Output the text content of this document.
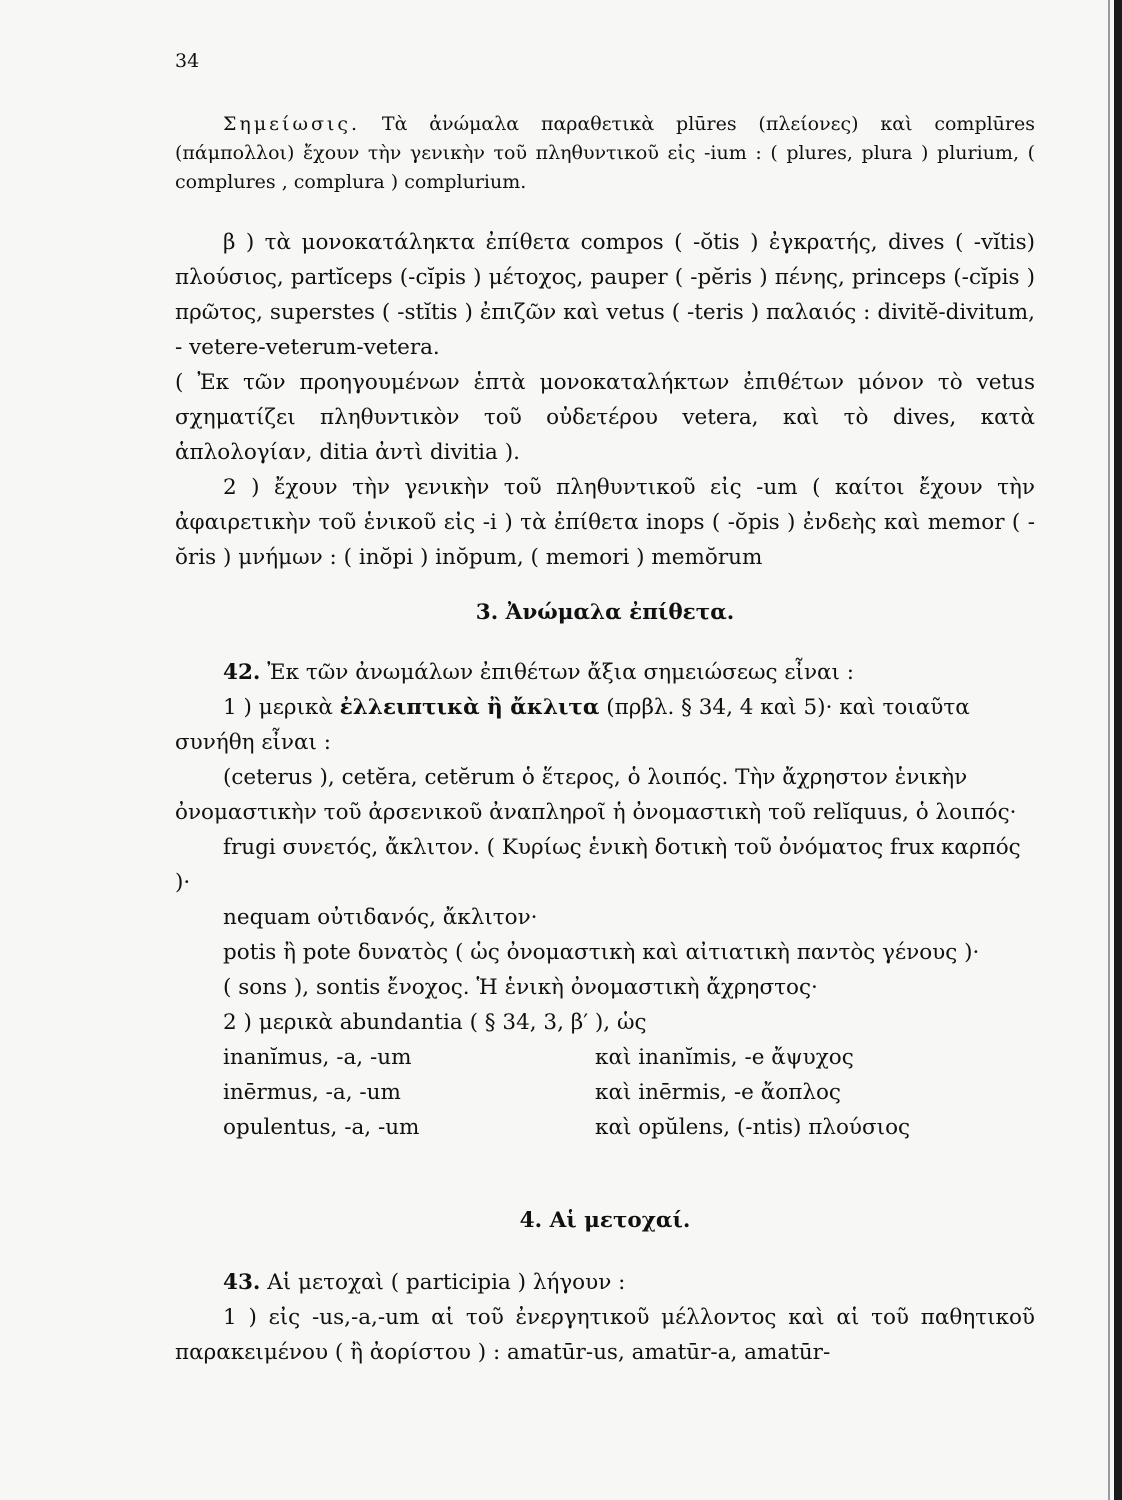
34

Σημείωσις. Τὰ ἀνώμαλα παραθετικὰ plūres (πλείονες) καὶ complūres (πάμπολλοι) ἔχουν τὴν γενικὴν τοῦ πληθυντικοῦ εἰς -ium : ( plures, plura ) plurium, ( complures , complura ) complurium.

β ) τὰ μονοκατάληκτα ἐπίθετα compos ( -ŏtis ) ἐγκρατής, dives ( -vĭtis) πλούσιος, partĭceps (-cĭpis ) μέτοχος, pauper ( -pĕris ) πένης, princeps (-cĭpis ) πρῶτος, superstes ( -stĭtis ) ἐπιζῶν καὶ vetus ( -teris ) παλαιός : divitĕ-divitum, - vetere-veterum-vetera.

( Ἐκ τῶν προηγουμένων ἑπτὰ μονοκαταλήκτων ἐπιθέτων μόνον τὸ vetus σχηματίζει πληθυντικὸν τοῦ οὐδετέρου vetera, καὶ τὸ dives, κατὰ ἁπλολογίαν, ditia ἀντὶ divitia ).

2 ) ἔχουν τὴν γενικὴν τοῦ πληθυντικοῦ εἰς -um ( καίτοι ἔχουν τὴν ἀφαιρετικὴν τοῦ ἑνικοῦ εἰς -i ) τὰ ἐπίθετα inops ( -ŏpis ) ἐνδεὴς καὶ memor ( -ŏris ) μνήμων : ( inŏpi ) inŏpum, ( memori ) memŏrum

3. Ἀνώμαλα ἐπίθετα.

42. Ἐκ τῶν ἀνωμάλων ἐπιθέτων ἄξια σημειώσεως εἶναι :

1 ) μερικὰ ἐλλειπτικὰ ἢ ἄκλιτα (πρβλ. § 34, 4 καὶ 5)· καὶ τοιαῦτα συνήθη εἶναι :

(ceterus ), cetĕra, cetĕrum ὁ ἕτερος, ὁ λοιπός. Τὴν ἄχρηστον ἑνικὴν ὀνομαστικὴν τοῦ ἀρσενικοῦ ἀναπληροῖ ἡ ὀνομαστικὴ τοῦ relĭquus, ὁ λοιπός·

frugi συνετός, ἄκλιτον. ( Κυρίως ἑνικὴ δοτικὴ τοῦ ὀνόματος frux καρπός )·

nequam οὐτιδανός, ἄκλιτον·

potis ἢ pote δυνατὸς ( ὡς ὀνομαστικὴ καὶ αἰτιατικὴ παντὸς γένους )·

( sons ), sontis ἔνοχος. Ἡ ἑνικὴ ὀνομαστικὴ ἄχρηστος·

2 ) μερικὰ abundantia ( § 34, 3, β′ ), ὡς

inanĭmus, -a, -um	καὶ inanĭmis, -e ἄψυχος
inērmus, -a, -um	καὶ inērmis, -e ἄοπλος
opulentus, -a, -um	καὶ opŭlens, (-ntis) πλούσιος
4. Αἱ μετοχαί.

43. Αἱ μετοχαὶ ( participia ) λήγουν :

1 ) εἰς -us,-a,-um αἱ τοῦ ἐνεργητικοῦ μέλλοντος καὶ αἱ τοῦ παθητικοῦ παρακειμένου ( ἢ ἀορίστου ) : amatūr-us, amatūr-a, amatūr-
